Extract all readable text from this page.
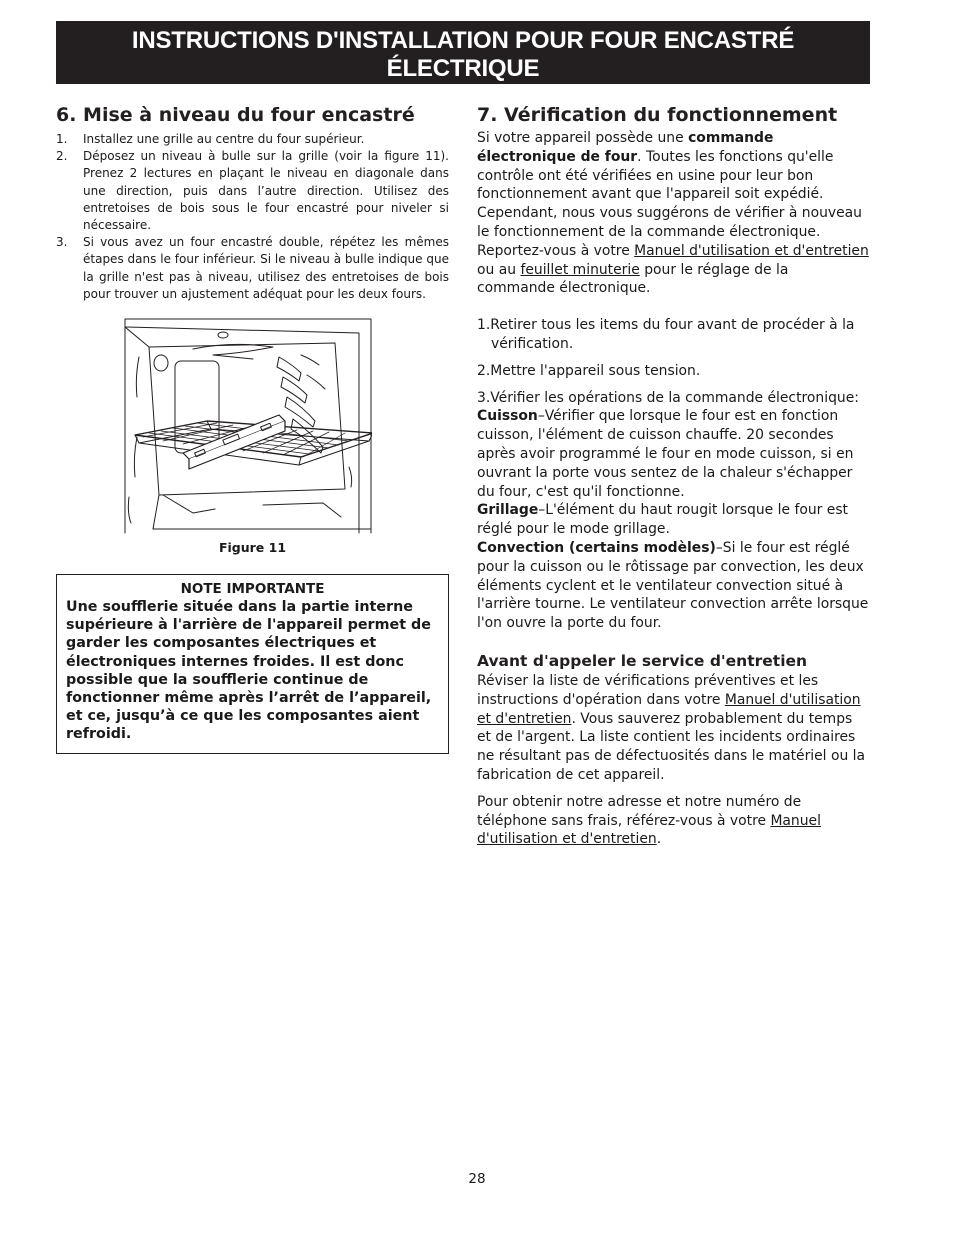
INSTRUCTIONS D'INSTALLATION POUR FOUR ENCASTRÉ ÉLECTRIQUE
(Combiné à une table de cuisson électrique ou à gaz (en option))
6. Mise à niveau du four encastré
1. Installez une grille au centre du four supérieur.
2. Déposez un niveau à bulle sur la grille (voir la figure 11). Prenez 2 lectures en plaçant le niveau en diagonale dans une direction, puis dans l’autre direction. Utilisez des entretoises de bois sous le four encastré pour niveler si nécessaire.
3. Si vous avez un four encastré double, répétez les mêmes étapes dans le four inférieur. Si le niveau à bulle indique que la grille n'est pas à niveau, utilisez des entretoises de bois pour trouver un ajustement adéquat pour les deux fours.
Figure 11
NOTE IMPORTANTE
Une soufflerie située dans la partie interne supérieure à l'arrière de l'appareil permet de garder les composantes électriques et électroniques internes froides. Il est donc possible que la soufflerie continue de fonctionner même après l’arrêt de l’appareil, et ce, jusqu’à ce que les composantes aient refroidi.
7. Vérification du fonctionnement

Si votre appareil possède une commande électronique de four. Toutes les fonctions qu'elle contrôle ont été vérifiées en usine pour leur bon fonctionnement avant que l'appareil soit expédié. Cependant, nous vous suggérons de vérifier à nouveau le fonctionnement de la commande électronique. Reportez-vous à votre Manuel d'utilisation et d'entretien ou au feuillet minuterie pour le réglage de la commande électronique.

1.Retirer tous les items du four avant de procéder à la vérification.

2.Mettre l'appareil sous tension.

3.Vérifier les opérations de la commande électronique:

Cuisson–Vérifier que lorsque le four est en fonction cuisson, l'élément de cuisson chauffe. 20 secondes après avoir programmé le four en mode cuisson, si en ouvrant la porte vous sentez de la chaleur s'échapper du four, c'est qu'il fonctionne.

Grillage–L'élément du haut rougit lorsque le four est réglé pour le mode grillage.

Convection (certains modèles)–Si le four est réglé pour la cuisson ou le rôtissage par convection, les deux éléments cyclent et le ventilateur convection situé à l'arrière tourne. Le ventilateur convection arrête lorsque l'on ouvre la porte du four.

Avant d'appeler le service d'entretien

Réviser la liste de vérifications préventives et les instructions d'opération dans votre Manuel d'utilisation et d'entretien. Vous sauverez probablement du temps et de l'argent. La liste contient les incidents ordinaires ne résultant pas de défectuosités dans le matériel ou la fabrication de cet appareil.

Pour obtenir notre adresse et notre numéro de téléphone sans frais, référez-vous à votre Manuel d'utilisation et d'entretien.

28
